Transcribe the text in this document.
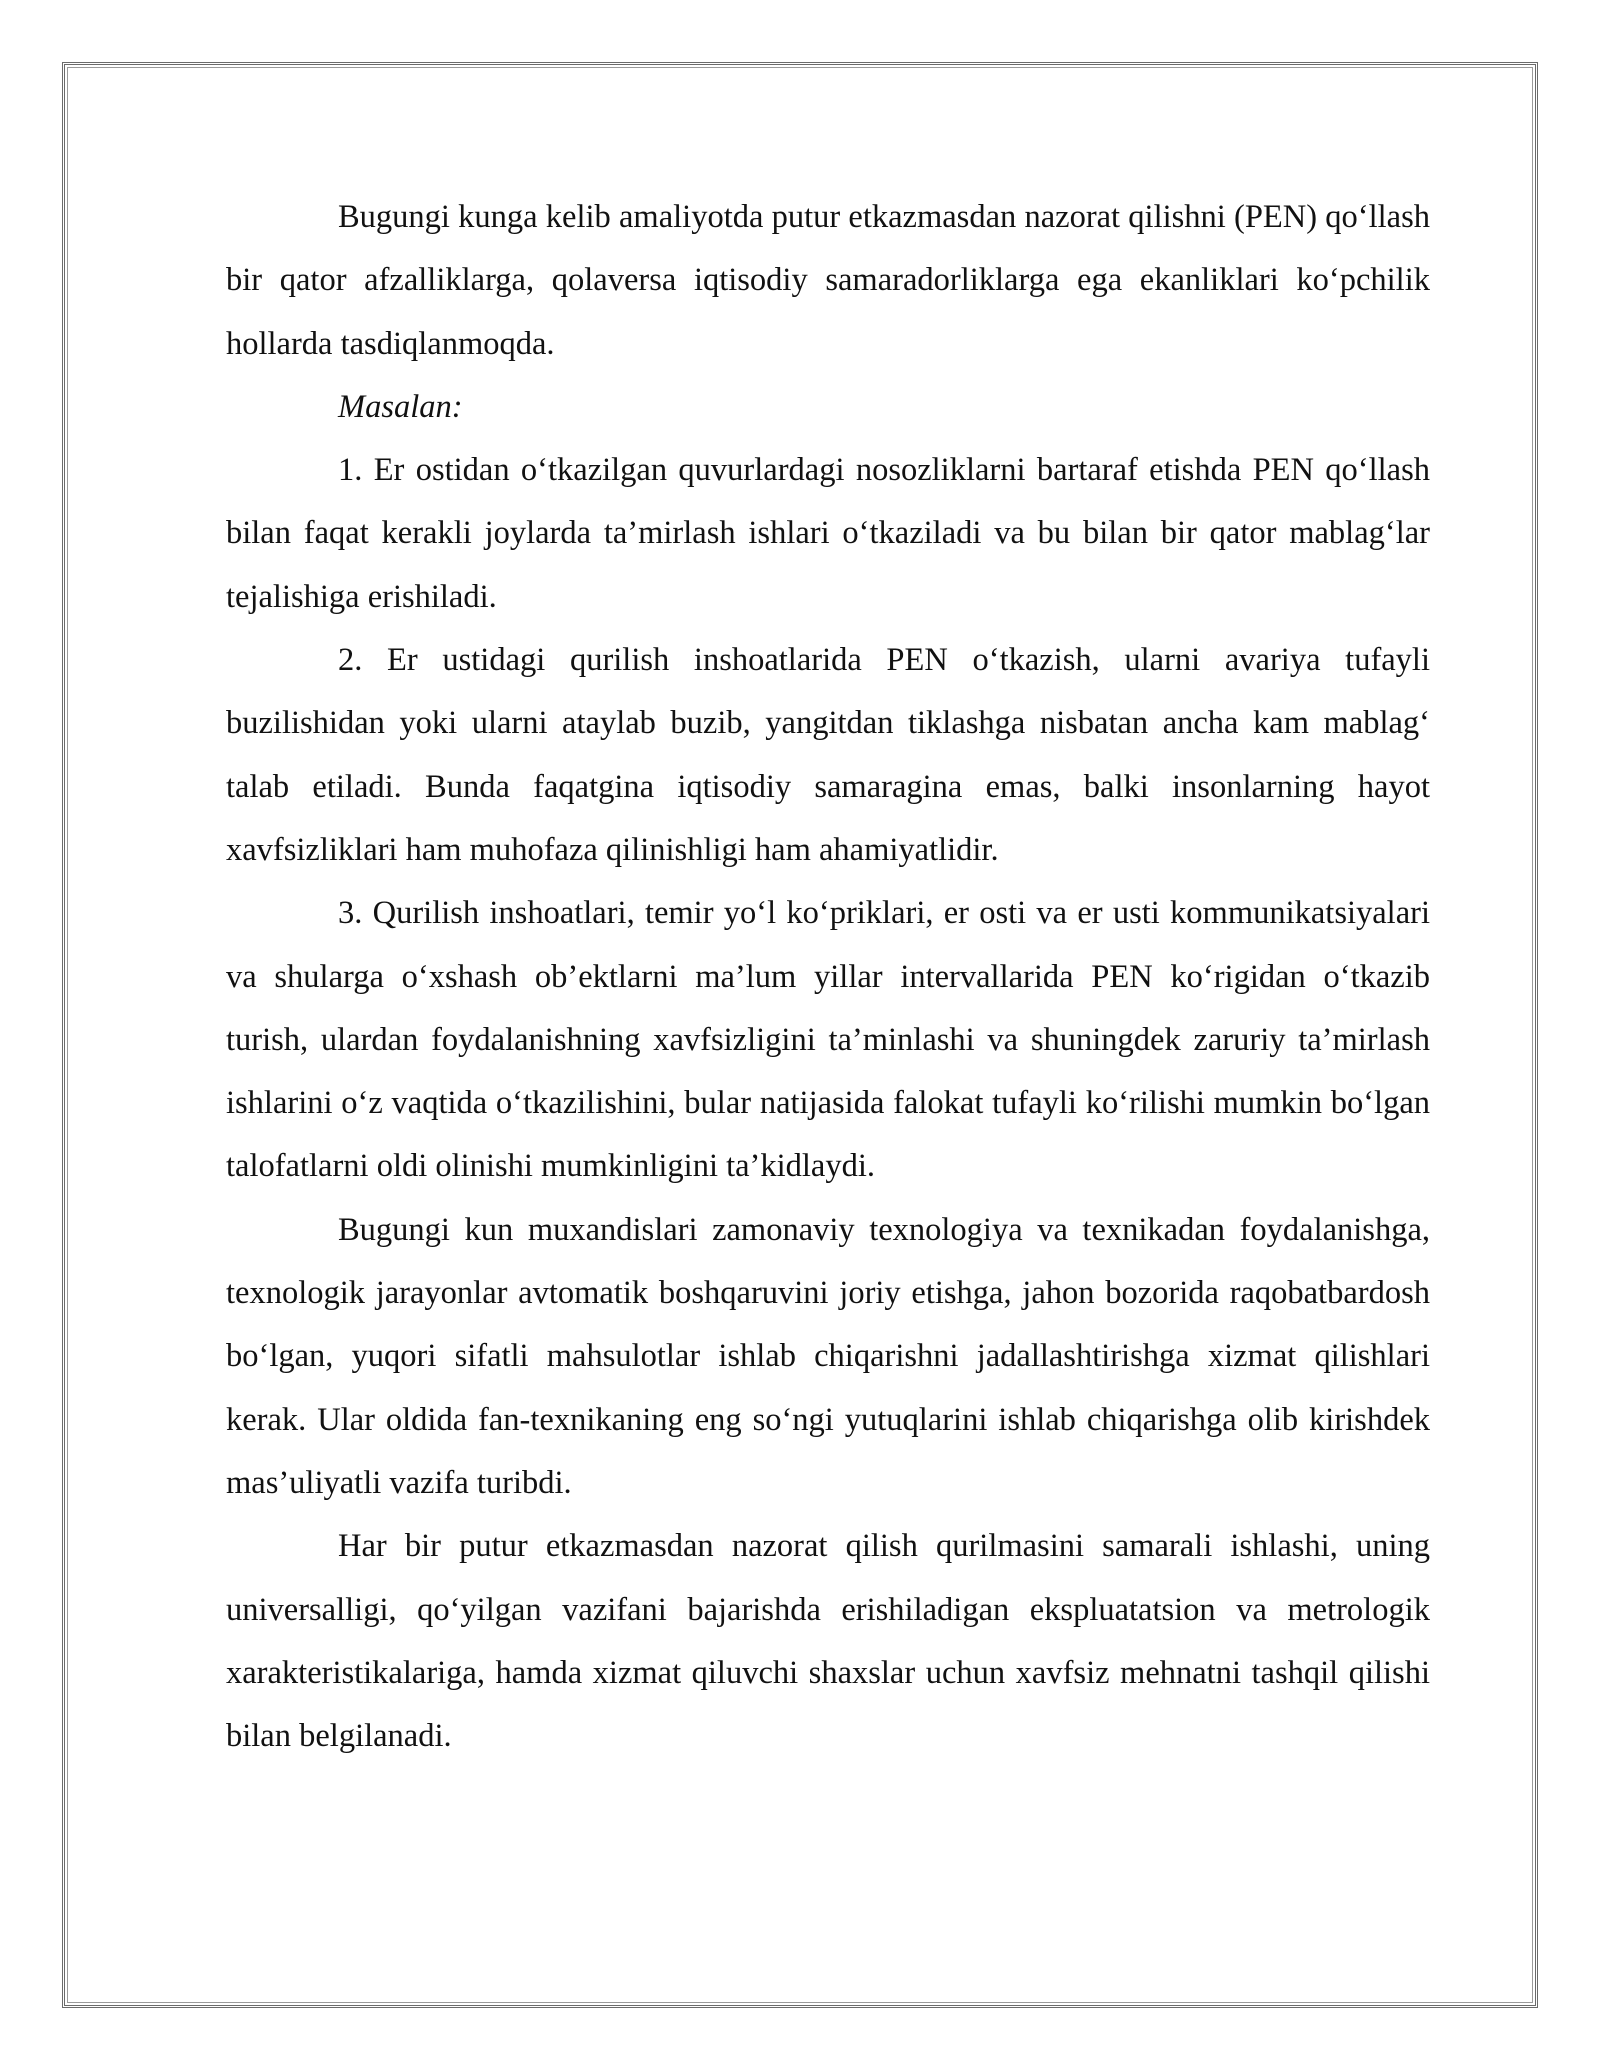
Bugungi kunga kelib amaliyotda putur etkazmasdan nazorat qilishni (PEN) qo‘llash bir qator afzalliklarga, qolaversa iqtisodiy samaradorliklarga ega ekanliklari ko‘pchilik hollarda tasdiqlanmoqda.

Masalan:

1. Er ostidan o‘tkazilgan quvurlardagi nosozliklarni bartaraf etishda PEN qo‘llash bilan faqat kerakli joylarda ta’mirlash ishlari o‘tkaziladi va bu bilan bir qator mablag‘lar tejalishiga erishiladi.

2. Er ustidagi qurilish inshoatlarida PEN o‘tkazish, ularni avariya tufayli buzilishidan yoki ularni ataylab buzib, yangitdan tiklashga nisbatan ancha kam mablag‘ talab etiladi. Bunda faqatgina iqtisodiy samaragina emas, balki insonlarning hayot xavfsizliklari ham muhofaza qilinishligi ham ahamiyatlidir.

3. Qurilish inshoatlari, temir yo‘l ko‘priklari, er osti va er usti kommunikatsiyalari va shularga o‘xshash ob’ektlarni ma’lum yillar intervallarida PEN ko‘rigidan o‘tkazib turish, ulardan foydalanishning xavfsizligini ta’minlashi va shuningdek zaruriy ta’mirlash ishlarini o‘z vaqtida o‘tkazilishini, bular natijasida falokat tufayli ko‘rilishi mumkin bo‘lgan talofatlarni oldi olinishi mumkinligini ta’kidlaydi.

Bugungi kun muxandislari zamonaviy texnologiya va texnikadan foydalanishga, texnologik jarayonlar avtomatik boshqaruvini joriy etishga, jahon bozorida raqobatbardosh bo‘lgan, yuqori sifatli mahsulotlar ishlab chiqarishni jadallashtirishga xizmat qilishlari kerak. Ular oldida fan-texnikaning eng so‘ngi yutuqlarini ishlab chiqarishga olib kirishdek mas’uliyatli vazifa turibdi.

Har bir putur etkazmasdan nazorat qilish qurilmasini samarali ishlashi, uning universalligi, qo‘yilgan vazifani bajarishda erishiladigan ekspluatatsion va metrologik xarakteristikalariga, hamda xizmat qiluvchi shaxslar uchun xavfsiz mehnatni tashqil qilishi bilan belgilanadi.
